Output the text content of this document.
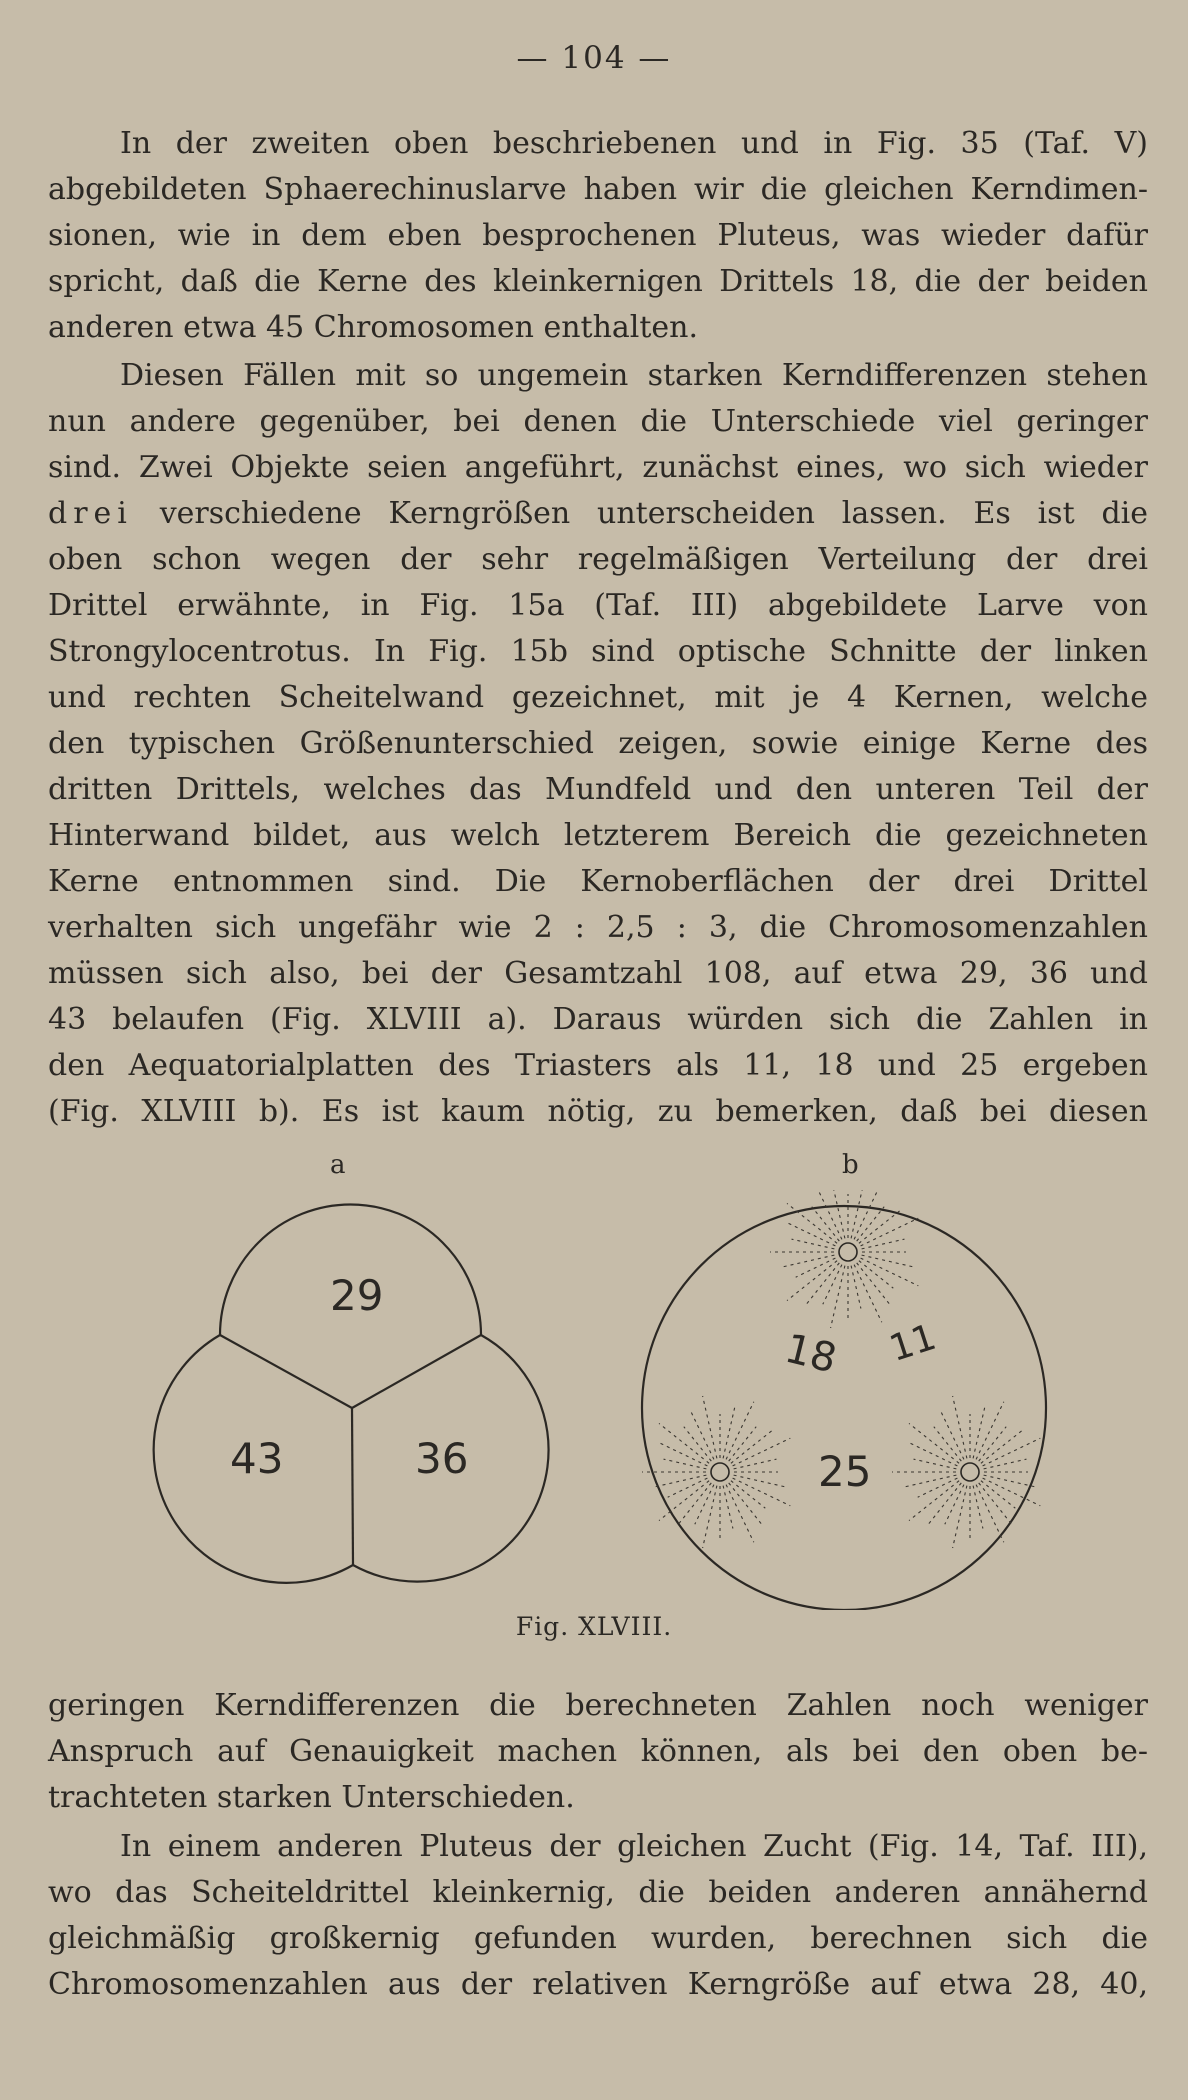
— 104 —
In der zweiten oben beschriebenen und in Fig. 35 (Taf. V)
abgebildeten Sphaerechinuslarve haben wir die gleichen Kerndimen-
sionen, wie in dem eben besprochenen Pluteus, was wieder dafür
spricht, daß die Kerne des kleinkernigen Drittels 18, die der beiden
anderen etwa 45 Chromosomen enthalten.
Diesen Fällen mit so ungemein starken Kerndifferenzen stehen
nun andere gegenüber, bei denen die Unterschiede viel geringer
sind. Zwei Objekte seien angeführt, zunächst eines, wo sich wieder
drei verschiedene Kerngrößen unterscheiden lassen. Es ist die
oben schon wegen der sehr regelmäßigen Verteilung der drei
Drittel erwähnte, in Fig. 15a (Taf. III) abgebildete Larve von
Strongylocentrotus. In Fig. 15b sind optische Schnitte der linken
und rechten Scheitelwand gezeichnet, mit je 4 Kernen, welche
den typischen Größenunterschied zeigen, sowie einige Kerne des
dritten Drittels, welches das Mundfeld und den unteren Teil der
Hinterwand bildet, aus welch letzterem Bereich die gezeichneten
Kerne entnommen sind. Die Kernoberflächen der drei Drittel
verhalten sich ungefähr wie 2 : 2,5 : 3, die Chromosomenzahlen
müssen sich also, bei der Gesamtzahl 108, auf etwa 29, 36 und
43 belaufen (Fig. XLVIII a). Daraus würden sich die Zahlen in
den Aequatorialplatten des Triasters als 11, 18 und 25 ergeben
(Fig. XLVIII b). Es ist kaum nötig, zu bemerken, daß bei diesen
a	b
29
43	36
18 11
25
Fig. XLVIII.
geringen Kerndifferenzen die berechneten Zahlen noch weniger
Anspruch auf Genauigkeit machen können, als bei den oben be-
trachteten starken Unterschieden.
In einem anderen Pluteus der gleichen Zucht (Fig. 14, Taf. III),
wo das Scheiteldrittel kleinkernig, die beiden anderen annähernd
gleichmäßig großkernig gefunden wurden, berechnen sich die
Chromosomenzahlen aus der relativen Kerngröße auf etwa 28, 40,
